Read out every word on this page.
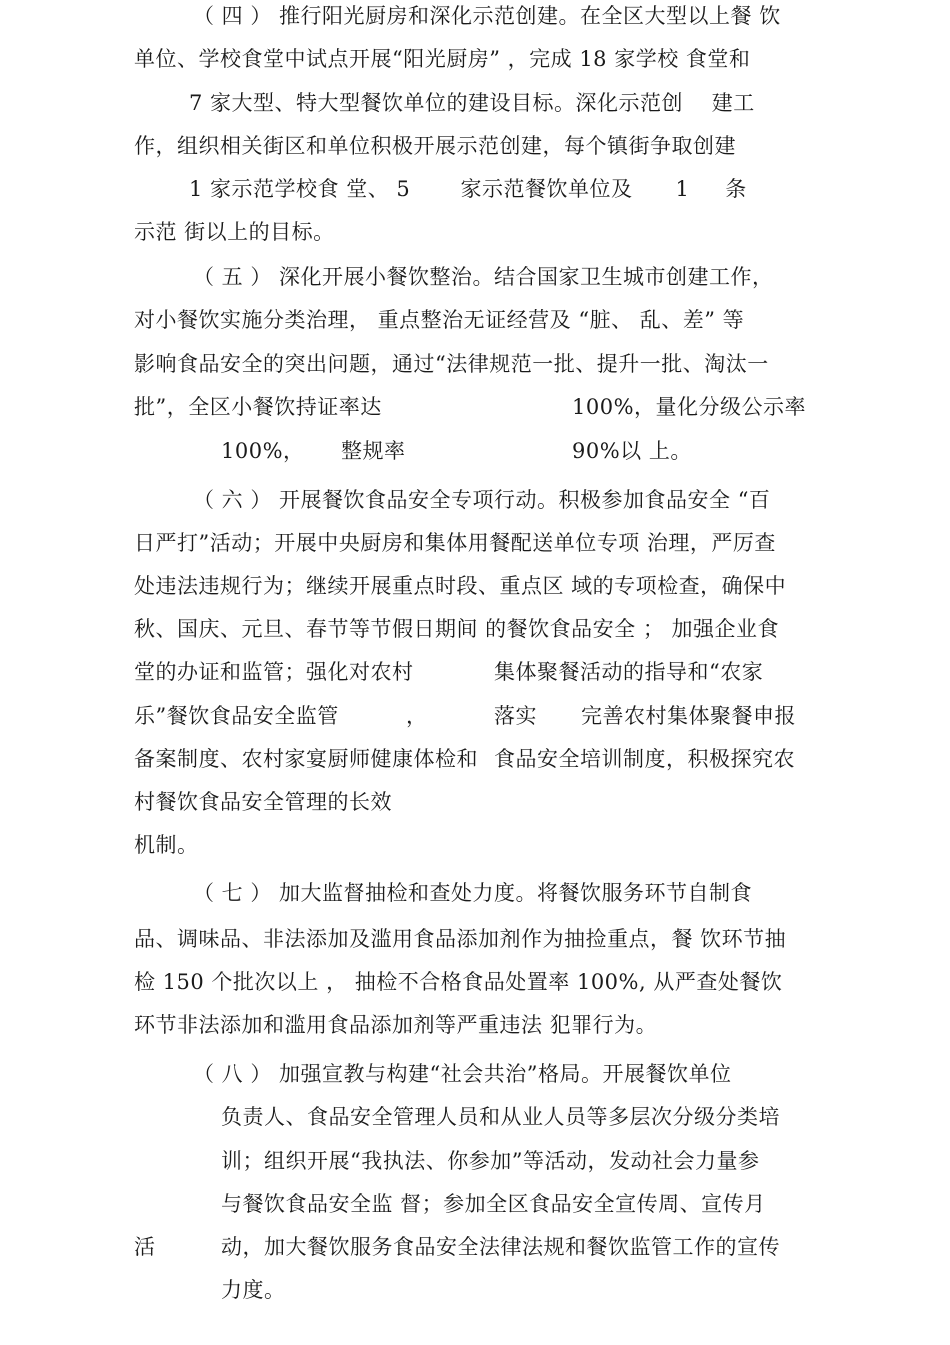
（ 四 ） 推行阳光厨房和深化示范创建。在全区大型以上餐 饮
单位、学校食堂中试点开展“阳光厨房” ，完成 18 家学校 食堂和
7 家大型、特大型餐饮单位的建设目标。深化示范创    建工
作，组织相关街区和单位积极开展示范创建，每个镇街争取创建
1 家示范学校食 堂、 5       家示范餐饮单位及      1     条
示范 街以上的目标。
（ 五 ） 深化开展小餐饮整治。结合国家卫生城市创建工作，
对小餐饮实施分类治理， 重点整治无证经营及 “脏、 乱、差” 等
影响食品安全的突出问题，通过“法律规范一批、提升一批、淘汰一
批”，全区小餐饮持证率达	100%，量化分级公示率
100%， 整规率	90%以 上。
（ 六 ） 开展餐饮食品安全专项行动。积极参加食品安全 “百
日严打”活动；开展中央厨房和集体用餐配送单位专项 治理，严厉查
处违法违规行为；继续开展重点时段、重点区 域的专项检查，确保中
秋、国庆、元旦、春节等节假日期间 的餐饮食品安全 ； 加强企业食
堂的办证和监管；强化对农村	集体聚餐活动的指导和“农家
乐”餐饮食品安全监管	，	落实 完善农村集体聚餐申报
备案制度、农村家宴厨师健康体检和 食品安全培训制度，积极探究农
村餐饮食品安全管理的长效
机制。
（ 七 ） 加大监督抽检和查处力度。将餐饮服务环节自制食
品、调味品、非法添加及滥用食品添加剂作为抽捡重点，餐 饮环节抽
检 150 个批次以上 ， 抽检不合格食品处置率 100%, 从严查处餐饮
环节非法添加和滥用食品添加剂等严重违法 犯罪行为。
（ 八 ） 加强宣教与构建“社会共治”格局。开展餐饮单位
负责人、食品安全管理人员和从业人员等多层次分级分类培
训；组织开展“我执法、你参加”等活动，发动社会力量参
与餐饮食品安全监 督；参加全区食品安全宣传周、宣传月
活	动，加大餐饮服务食品安全法律法规和餐饮监管工作的宣传
力度。
